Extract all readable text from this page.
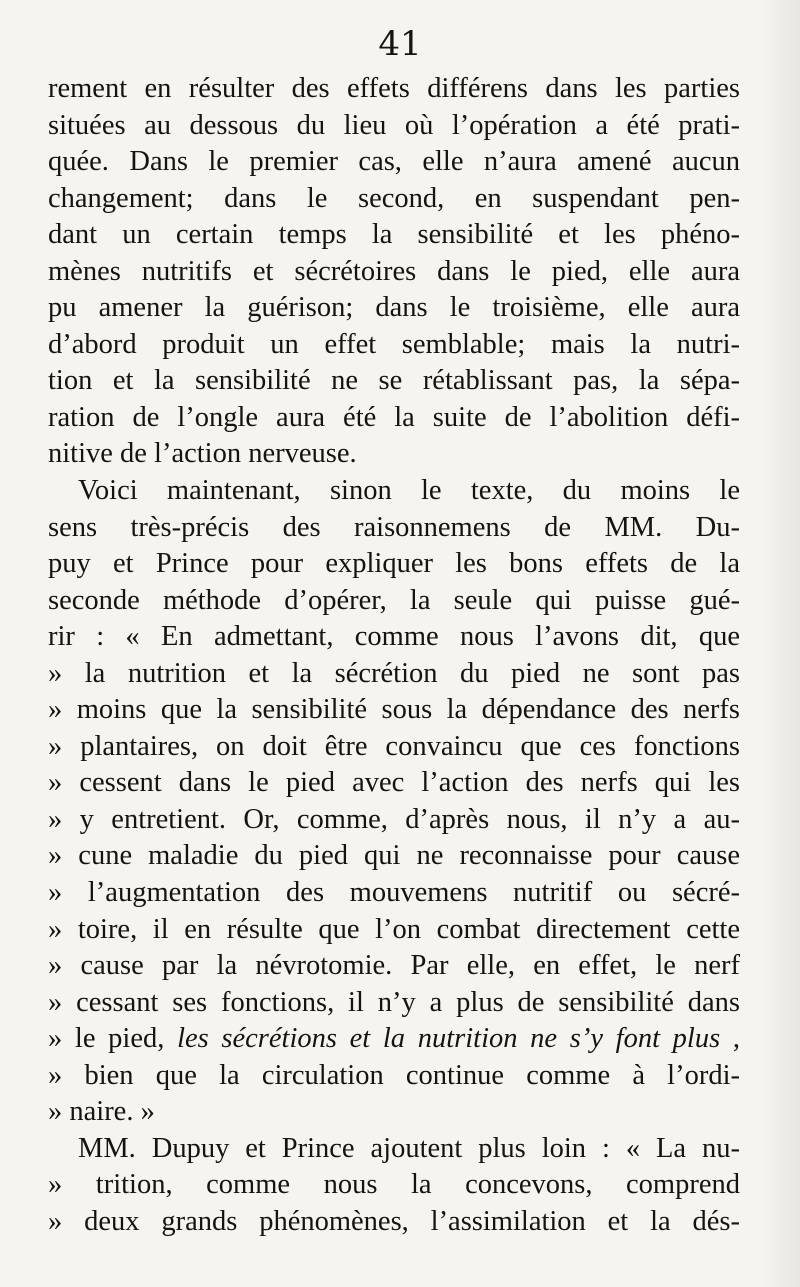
41
rement en résulter des effets différens dans les parties
situées au dessous du lieu où l’opération a été prati-
quée. Dans le premier cas, elle n’aura amené aucun
changement; dans le second, en suspendant pen-
dant un certain temps la sensibilité et les phéno-
mènes nutritifs et sécrétoires dans le pied, elle aura
pu amener la guérison; dans le troisième, elle aura
d’abord produit un effet semblable; mais la nutri-
tion et la sensibilité ne se rétablissant pas, la sépa-
ration de l’ongle aura été la suite de l’abolition défi-
nitive de l’action nerveuse.
Voici maintenant, sinon le texte, du moins le
sens très-précis des raisonnemens de MM. Du-
puy et Prince pour expliquer les bons effets de la
seconde méthode d’opérer, la seule qui puisse gué-
rir : « En admettant, comme nous l’avons dit, que
» la nutrition et la sécrétion du pied ne sont pas
» moins que la sensibilité sous la dépendance des nerfs
» plantaires, on doit être convaincu que ces fonctions
» cessent dans le pied avec l’action des nerfs qui les
» y entretient. Or, comme, d’après nous, il n’y a au-
» cune maladie du pied qui ne reconnaisse pour cause
» l’augmentation des mouvemens nutritif ou sécré-
» toire, il en résulte que l’on combat directement cette
» cause par la névrotomie. Par elle, en effet, le nerf
» cessant ses fonctions, il n’y a plus de sensibilité dans
» le pied, les sécrétions et la nutrition ne s’y font plus ,
» bien que la circulation continue comme à l’ordi-
» naire. »
MM. Dupuy et Prince ajoutent plus loin : « La nu-
» trition, comme nous la concevons, comprend
» deux grands phénomènes, l’assimilation et la dés-
